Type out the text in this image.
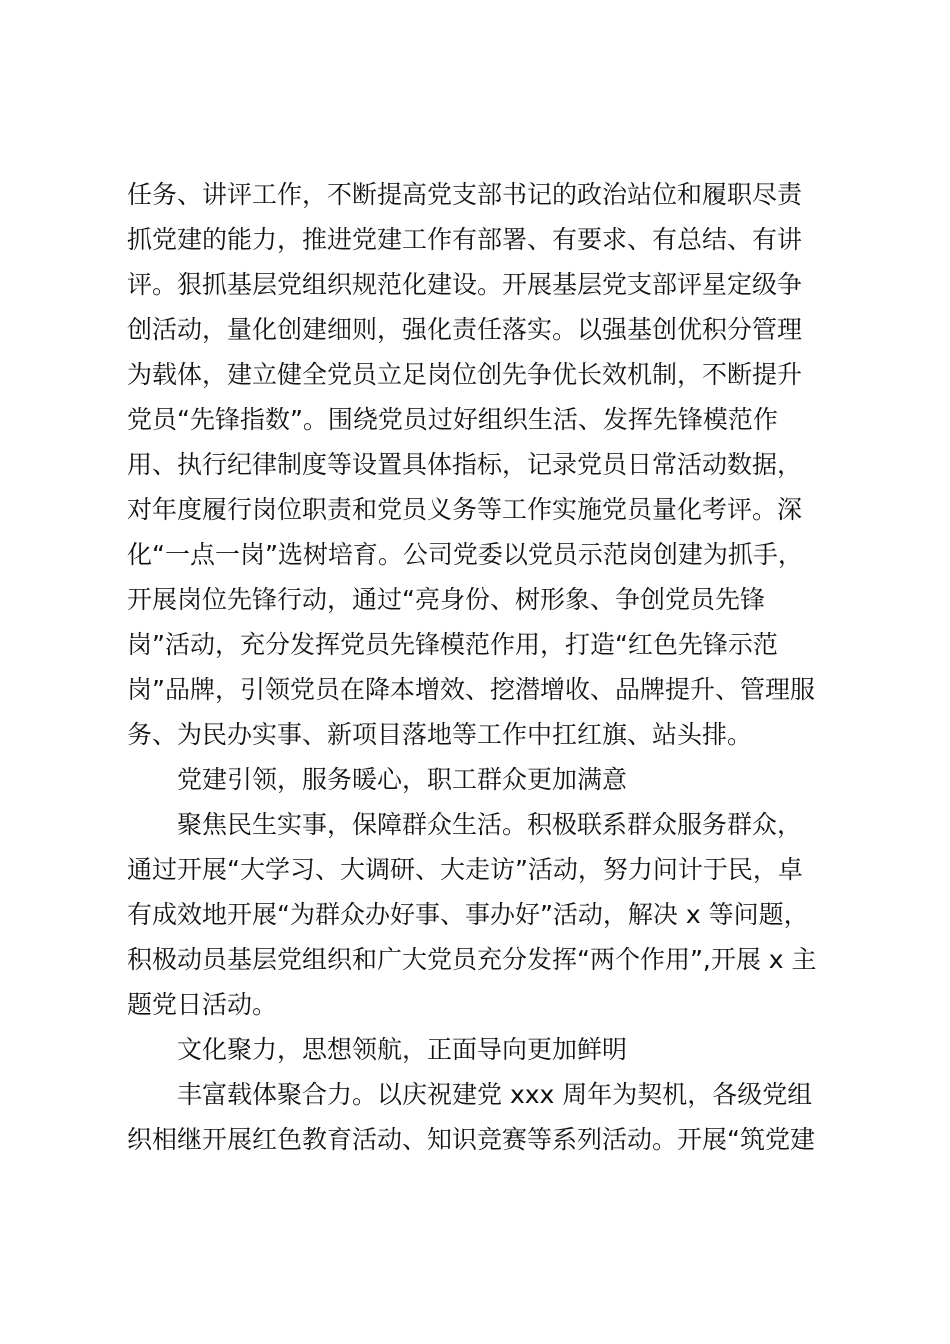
任务、讲评工作，不断提高党支部书记的政治站位和履职尽责
抓党建的能力，推进党建工作有部署、有要求、有总结、有讲
评。狠抓基层党组织规范化建设。开展基层党支部评星定级争
创活动，量化创建细则，强化责任落实。以强基创优积分管理
为载体，建立健全党员立足岗位创先争优长效机制，不断提升
党员“先锋指数”。围绕党员过好组织生活、发挥先锋模范作
用、执行纪律制度等设置具体指标，记录党员日常活动数据，
对年度履行岗位职责和党员义务等工作实施党员量化考评。深
化“一点一岗”选树培育。公司党委以党员示范岗创建为抓手，
开展岗位先锋行动，通过“亮身份、树形象、争创党员先锋
岗”活动，充分发挥党员先锋模范作用，打造“红色先锋示范
岗”品牌，引领党员在降本增效、挖潜增收、品牌提升、管理服
务、为民办实事、新项目落地等工作中扛红旗、站头排。
党建引领，服务暖心，职工群众更加满意
聚焦民生实事，保障群众生活。积极联系群众服务群众，
通过开展“大学习、大调研、大走访”活动，努力问计于民，卓
有成效地开展“为群众办好事、事办好”活动，解决 x 等问题，
积极动员基层党组织和广大党员充分发挥“两个作用”,开展 x 主
题党日活动。
文化聚力，思想领航，正面导向更加鲜明
丰富载体聚合力。以庆祝建党 xxx 周年为契机，各级党组
织相继开展红色教育活动、知识竞赛等系列活动。开展“筑党建
